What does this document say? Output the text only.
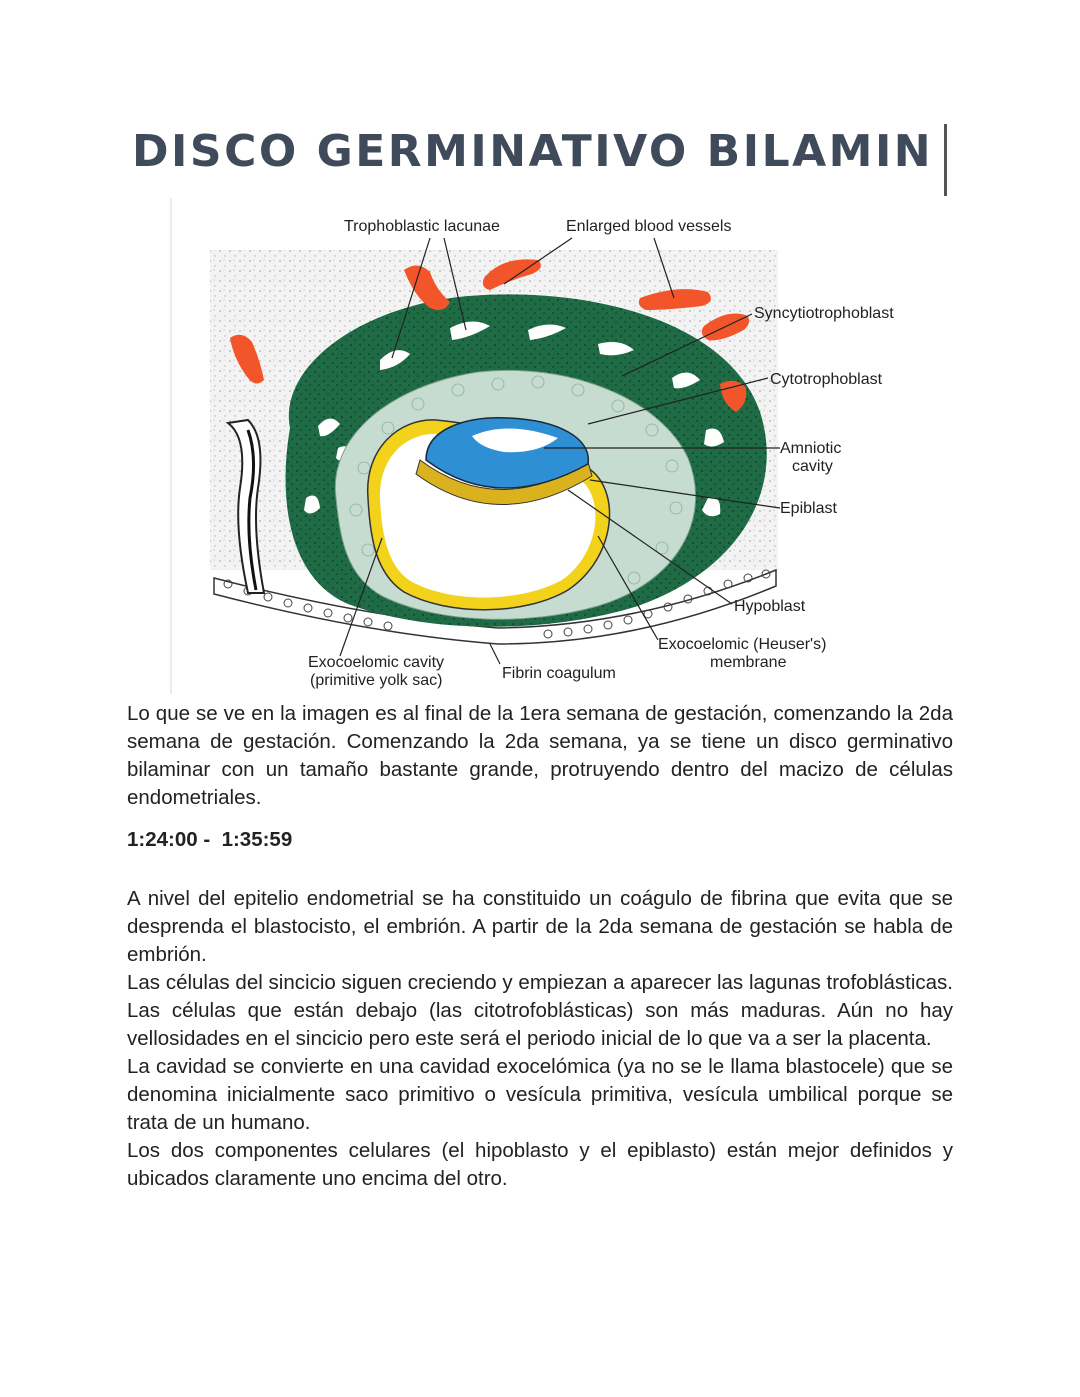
DISCO GERMINATIVO BILAMIN
Trophoblastic lacunae	Enlarged blood vessels
Syncytiotrophoblast
Cytotrophoblast
Amniotic
cavity
Epiblast
Hypoblast
Exocoelomic (Heuser's)
membrane
Exocoelomic cavity
(primitive yolk sac)	Fibrin coagulum

Lo que se ve en la imagen es al final de la 1era semana de gestación, comenzando la 2da semana de gestación. Comenzando la 2da semana, ya se tiene un disco germinativo bilaminar con un tamaño bastante grande, protruyendo dentro del macizo de células endometriales.

1:24:00 -  1:35:59

A nivel del epitelio endometrial se ha constituido un coágulo de fibrina que evita que se desprenda el blastocisto, el embrión. A partir de la 2da semana de gestación se habla de embrión.

Las células del sincicio siguen creciendo y empiezan a aparecer las lagunas trofoblásticas. Las células que están debajo (las citotrofoblásticas) son más maduras. Aún no hay vellosidades en el sincicio pero este será el periodo inicial de lo que va a ser la placenta.

La cavidad se convierte en una cavidad exocelómica (ya no se le llama blastocele) que se denomina inicialmente saco primitivo o vesícula primitiva, vesícula umbilical porque se trata de un humano.

Los dos componentes celulares (el hipoblasto y el epiblasto) están mejor definidos y ubicados claramente uno encima del otro.
